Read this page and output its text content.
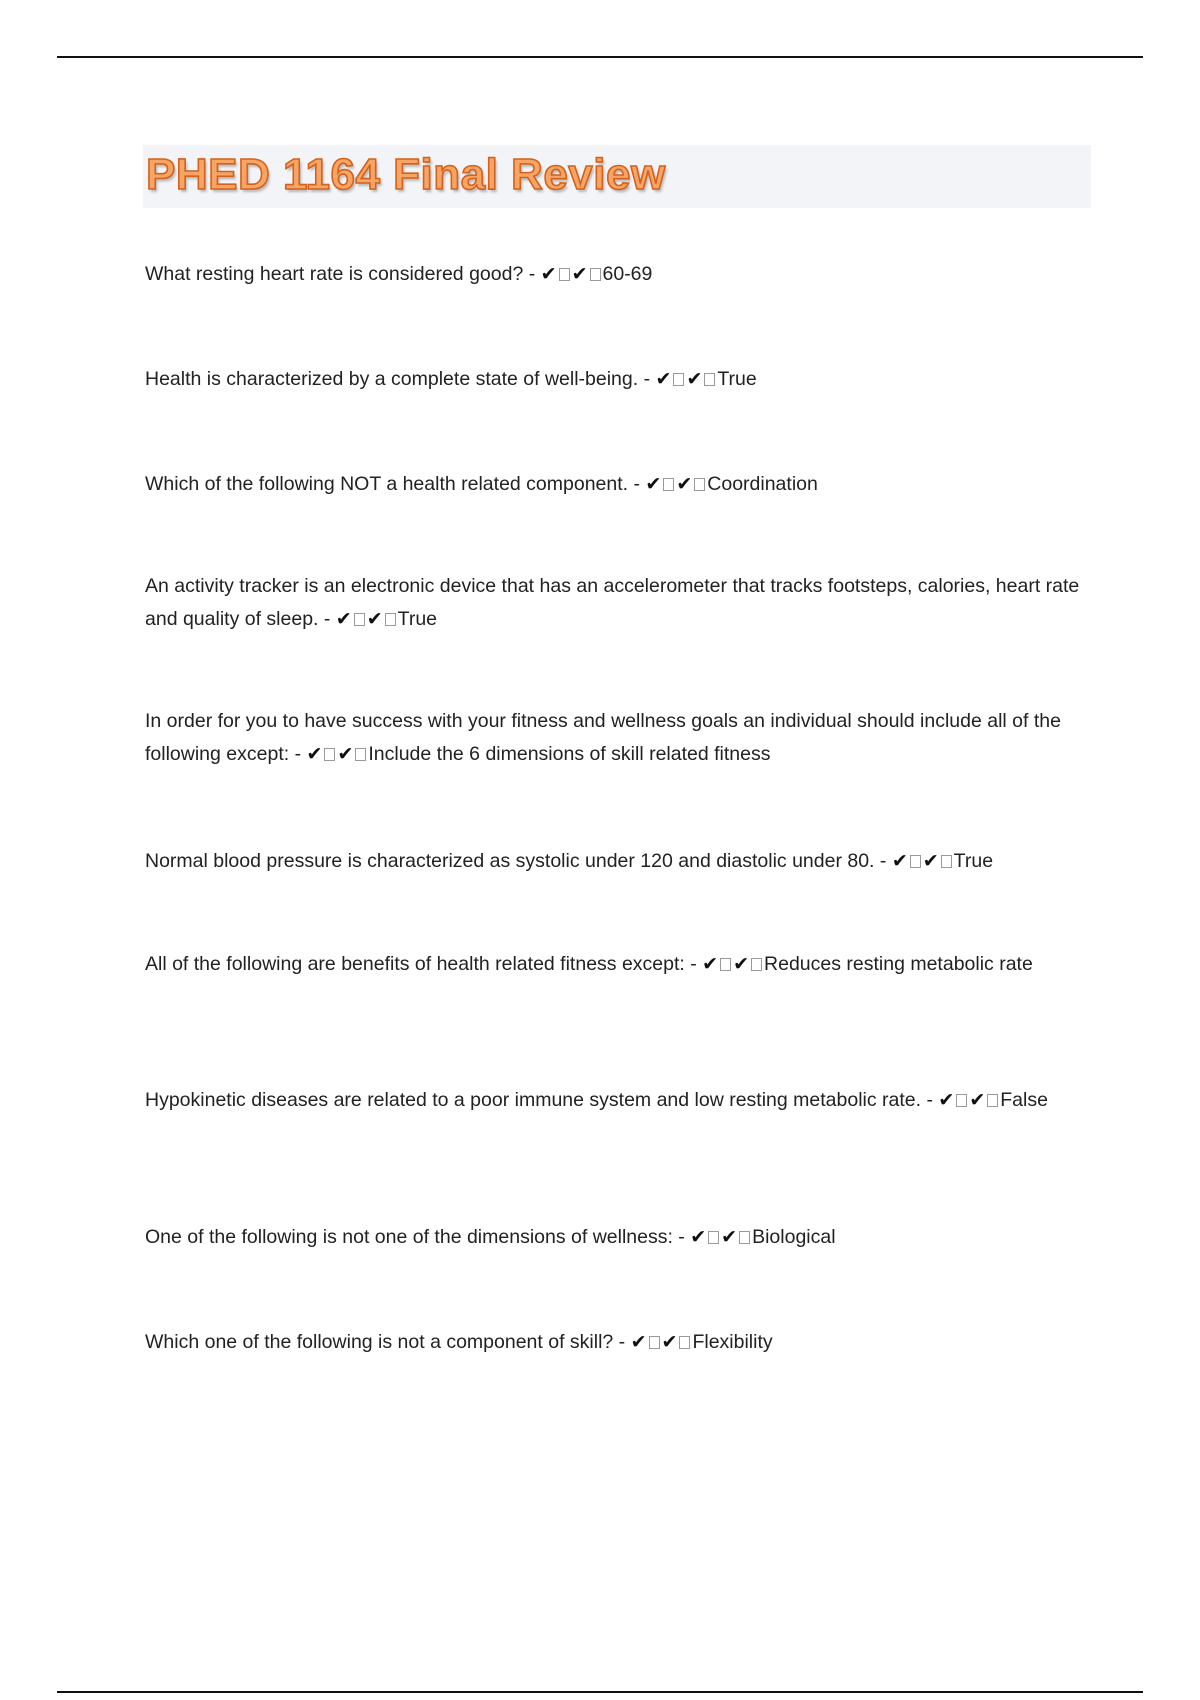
PHED 1164 Final Review

What resting heart rate is considered good? - ✔ ✔ 60-69

Health is characterized by a complete state of well-being. - ✔ ✔ True

Which of the following NOT a health related component. - ✔ ✔ Coordination

An activity tracker is an electronic device that has an accelerometer that tracks footsteps, calories, heart rate and quality of sleep. - ✔ ✔ True

In order for you to have success with your fitness and wellness goals an individual should include all of the following except: - ✔ ✔ Include the 6 dimensions of skill related fitness

Normal blood pressure is characterized as systolic under 120 and diastolic under 80. - ✔ ✔ True

All of the following are benefits of health related fitness except: - ✔ ✔ Reduces resting metabolic rate

Hypokinetic diseases are related to a poor immune system and low resting metabolic rate. - ✔ ✔ False

One of the following is not one of the dimensions of wellness: - ✔ ✔ Biological

Which one of the following is not a component of skill? - ✔ ✔ Flexibility
